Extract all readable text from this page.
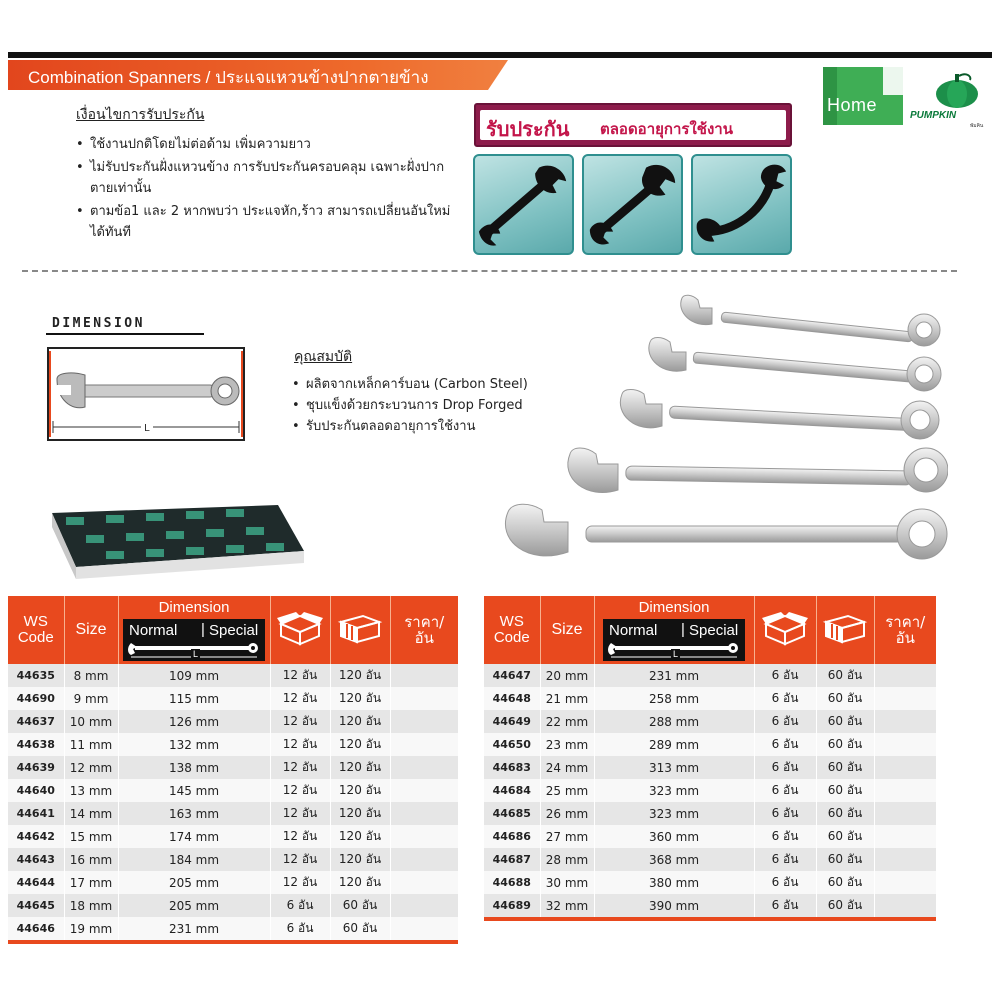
Combination Spanners / ประแจแหวนข้างปากตายข้าง
Home
PUMPKIN
พัมคิน
เงื่อนไขการรับประกัน
• ใช้งานปกติโดยไม่ต่อด้าม เพิ่มความยาว
• ไม่รับประกันฝั่งแหวนข้าง การรับประกันครอบคลุม เฉพาะฝั่งปากตายเท่านั้น
• ตามข้อ1 และ 2 หากพบว่า ประแจหัก,ร้าว สามารถเปลี่ยนอันใหม่ได้ทันที
รับประกัน ตลอดอายุการใช้งาน
DIMENSION
L
คุณสมบัติ
• ผลิตจากเหล็กคาร์บอน (Carbon Steel)
• ชุบแข็งด้วยกระบวนการ Drop Forged
• รับประกันตลอดอายุการใช้งาน
WS
Code	Size	Dimension
Normal | Special
L			ราคา/
อัน

44635	8 mm	109 mm	12 อัน	120 อัน	
44690	9 mm	115 mm	12 อัน	120 อัน	
44637	10 mm	126 mm	12 อัน	120 อัน	
44638	11 mm	132 mm	12 อัน	120 อัน	
44639	12 mm	138 mm	12 อัน	120 อัน	
44640	13 mm	145 mm	12 อัน	120 อัน	
44641	14 mm	163 mm	12 อัน	120 อัน	
44642	15 mm	174 mm	12 อัน	120 อัน	
44643	16 mm	184 mm	12 อัน	120 อัน	
44644	17 mm	205 mm	12 อัน	120 อัน	
44645	18 mm	205 mm	6 อัน	60 อัน	
44646	19 mm	231 mm	6 อัน	60 อัน	

WS
Code	Size	Dimension
Normal | Special
L			ราคา/
อัน

44647	20 mm	231 mm	6 อัน	60 อัน	
44648	21 mm	258 mm	6 อัน	60 อัน	
44649	22 mm	288 mm	6 อัน	60 อัน	
44650	23 mm	289 mm	6 อัน	60 อัน	
44683	24 mm	313 mm	6 อัน	60 อัน	
44684	25 mm	323 mm	6 อัน	60 อัน	
44685	26 mm	323 mm	6 อัน	60 อัน	
44686	27 mm	360 mm	6 อัน	60 อัน	
44687	28 mm	368 mm	6 อัน	60 อัน	
44688	30 mm	380 mm	6 อัน	60 อัน	
44689	32 mm	390 mm	6 อัน	60 อัน	
